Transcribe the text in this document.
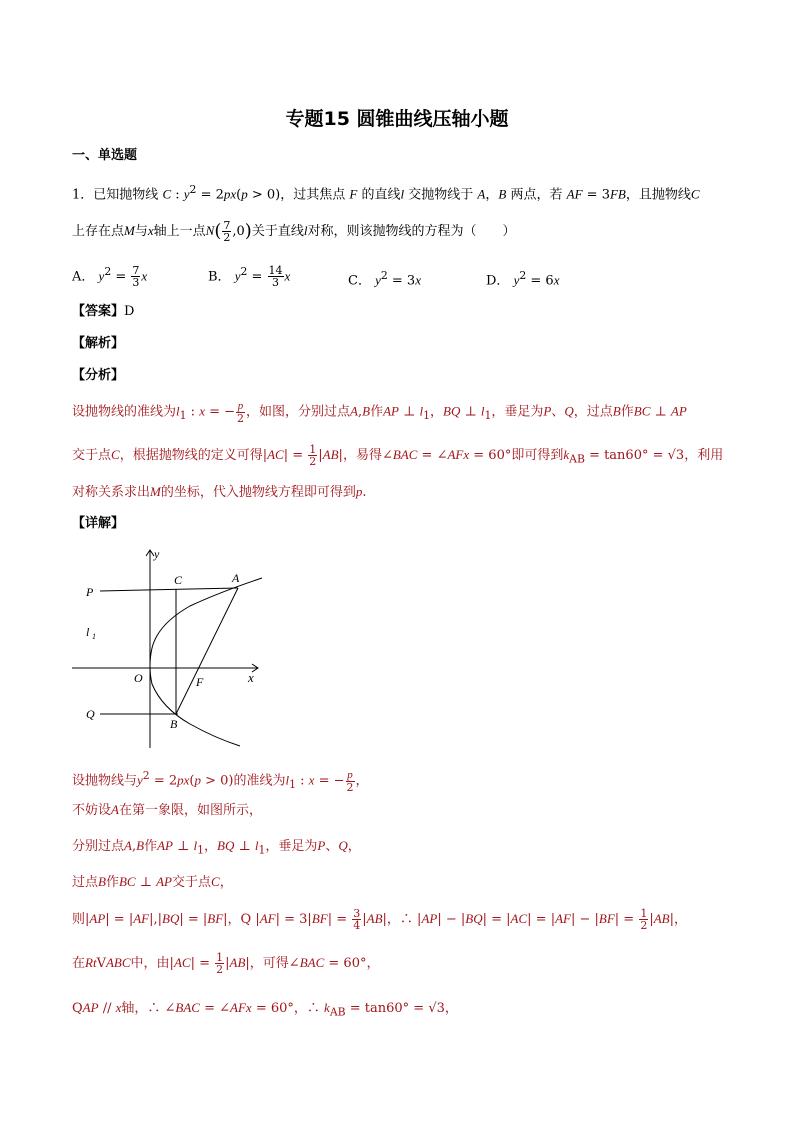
专题15 圆锥曲线压轴小题
一、单选题
1．已知抛物线 C : $y^2 = 2px(p > 0)$，过其焦点 F 的直线l 交抛物线于 A，B 两点，若 AF = 3FB，且抛物线C
上存在点M与x轴上一点$N( \frac{7}{2} ,0)$关于直线l对称，则该抛物线的方程为（　　）
A． $y^2 = \frac{7}{3}$ x	B． $y^2 = \frac{14}{3}$ x	C． $y^2 = 3x$	D． $y^2 = 6x$
【答案】D
【解析】
【分析】
设抛物线的准线为$l_1$ : x = − $\frac{p}{2}$ ，如图，分别过点A,B作AP ⊥ $l_1$，BQ ⊥ $l_1$，垂足为P、Q，过点B作BC ⊥ AP
交于点C，根据抛物线的定义可得$|AC| = \frac{1}{2} |AB|$，易得∠BAC = ∠AFx = 60°即可得到$k_{AB} = \tan 60^\circ = √3$，利用
对称关系求出M的坐标，代入抛物线方程即可得到p.
【详解】
y
x
P
C	A
l 1
O	F
Q
B
设抛物线与$y^2 = 2px(p > 0)$的准线为$l_1$ : x = − $\frac{p}{2}$ ，
不妨设A在第一象限，如图所示，
分别过点A,B作AP ⊥ $l_1$，BQ ⊥ $l_1$，垂足为P、Q，
过点B作BC ⊥ AP交于点C，
则|AP| = |AF|,|BQ| = |BF|，Q $|AF| = 3|BF| = \frac{3}{4} |AB|$，∴ $|AP| - |BQ| = |AC| = |AF| - |BF| = \frac{1}{2} |AB|$，
在RtVABC中，由$|AC| = \frac{1}{2} |AB|$，可得∠BAC = 60°，
QAP // x轴，∴ ∠BAC = ∠AFx = 60°，∴ $k_{AB} = \tan 60^\circ = √3$，
